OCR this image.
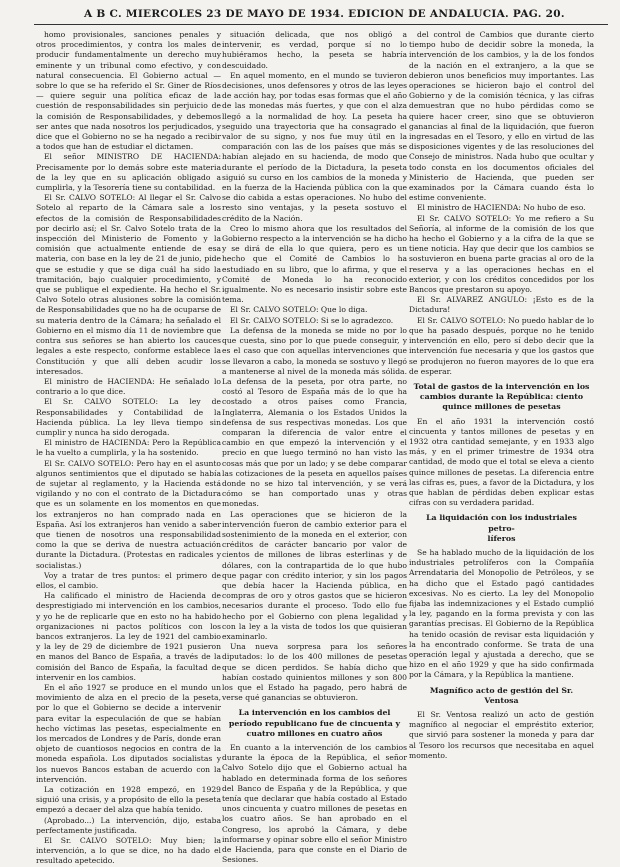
A B C. MIERCOLES 23 DE MAYO DE 1934. EDICION DE ANDALUCIA. PAG. 20.

homo provisionales, sanciones penales y otros procedimientos, y contra los males de producir fundamentalmente un derecho muy eminente y un tribunal como efectivo, y con natural consecuencia. El Gobierno actual —sobre lo que se ha referido el Sr. Giner de Ríos— quiere seguir una política eficaz de la cuestión de responsabilidades sin perjuicio de la comisión de Responsabilidades, y debemos ser antes que nada nosotros los perjudicados, y dice que el Gobierno no se ha negado a recibir a todos que han de estudiar el dictamen.

El señor MINISTRO DE HACIENDA: Precisamente por lo demás sobre este materia de la ley que en su aplicación obligado a cumplirla, y la Tesorería tiene su contabilidad.

El Sr. CALVO SOTELO: Al llegar el Sr. Calvo Sotelo al reparto de la Cámara sale a los efectos de la comisión de Responsabilidades por decirlo así; el Sr. Calvo Sotelo trata de la inspección del Ministerio de Fomento y la comisión que actualmente entiende de esa materia, con base en la ley de 21 de junio, pide que se estudie y que se diga cuál ha sido la tramitación, bajo cualquier procedimiento, y que se publique el expediente. Ha hecho el Sr. Calvo Sotelo otras alusiones sobre la comisión de Responsabilidades que no ha de ocuparse de su materia dentro de la Cámara; ha señalado el Gobierno en el mismo día 11 de noviembre que contra sus señores se han abierto los cauces legales a este respecto, conforme establece la Constitución y que allí deben acudir los interesados.

El ministro de HACIENDA: He señalado lo contrario a lo que dice.

El Sr. CALVO SOTELO: La ley de Responsabilidades y Contabilidad de la Hacienda pública. La ley lleva tiempo sin cumplir y nunca ha sido derogada.

El ministro de HACIENDA: Pero la República le ha vuelto a cumplirla, y la ha sostenido.

El Sr. CALVO SOTELO: Pero hay en el asunto algunos sentimientos que el diputado se había de sujetar al reglamento, y la Hacienda está vigilando y no con el contrato de la Dictadura que es un solamente en los momentos en que los extranjeros no han comprado nada en España. Así los extranjeros han venido a saber que tienen de nosotros una responsabilidad como la que se deriva de nuestra actuación durante la Dictadura. (Protestas en radicales y socialistas.)

Voy a tratar de tres puntos: el primero de ellos, el cambio.

Ha calificado el ministro de Hacienda de desprestigiado mi intervención en los cambios, y yo he de replicarle que en esto no ha habido organizaciones ni pactos políticos con los bancos extranjeros. La ley de 1921 del cambio y la ley de 29 de diciembre de 1921 pusieron en manos del Banco de España, a través de la comisión del Banco de España, la facultad de intervenir en los cambios.

En el año 1927 se produce en el mundo un movimiento de alza en el precio de la peseta, por lo que el Gobierno se decide a intervenir para evitar la especulación de que se habían hecho víctimas las pesetas, especialmente en los mercados de Londres y de París, donde eran objeto de cuantiosos negocios en contra de la moneda española. Los diputados socialistas y los nuevos Bancos estaban de acuerdo con la intervención.

La cotización en 1928 empezó, en 1929 siguió una crisis, y a propósito de ello la peseta empezó a decaer del alza que había tenido.

(Aprobado...) La intervención, dijo, estaba perfectamente justificada.

El Sr. CALVO SOTELO: Muy bien; la intervención, a lo que se dice, no ha dado el resultado apetecido.

situación delicada, que nos obligó a intervenir, es verdad, porque sí no lo hubiéramos hecho, la peseta se habría descuidado.

En aquel momento, en el mundo se tuvieron decisiones, unos defensores y otros de las leyes de acción hay, por todas esas formas que el año de las monedas más fuertes, y que con el alza llegó a la normalidad de hoy. La peseta ha seguido una trayectoria que ha consagrado el valor de su signo, y nos fue muy útil en la comparación con las de los países que más se habían alejado en su hacienda, de modo que durante el período de la Dictadura, la peseta siguió su curso en los cambios de la moneda y en la fuerza de la Hacienda pública con la que se dio cabida a estas operaciones. No hubo del resto sino ventajas, y la peseta sostuvo el crédito de la Nación.

Creo lo mismo ahora que los resultados del Gobierno respecto a la intervención se ha dicho y se dirá de ella lo que quiera, pero es un hecho que el Comité de Cambios lo ha estudiado en su libro, que lo afirma, y que el Comité de Moneda lo ha reconocido igualmente. No es necesario insistir sobre este tema.

El Sr. CALVO SOTELO: Que lo diga.

El Sr. CALVO SOTELO: Si se lo agradezco.

La defensa de la moneda se mide no por lo que cuesta, sino por lo que puede conseguir, y es el caso que con aquellas intervenciones que se llevaron a cabo, la moneda se sostuvo y llegó a mantenerse al nivel de la moneda más sólida. La defensa de la peseta, por otra parte, no costó al Tesoro de España más de lo que ha costado a otros países como Francia, Inglaterra, Alemania o los Estados Unidos la defensa de sus respectivas monedas. Los que comparan la diferencia de valor entre el cambio en que empezó la intervención y el precio en que luego terminó no han visto las cosas más que por un lado; y se debe comparar las cotizaciones de la peseta en aquellos países donde no se hizo tal intervención, y se verá cómo se han comportado unas y otras monedas.

Las operaciones que se hicieron de la intervención fueron de cambio exterior para el sostenimiento de la moneda en el exterior, con créditos de carácter bancario por valor de cientos de millones de libras esterlinas y de dólares, con la contrapartida de lo que hubo que pagar con crédito interior, y sin los pagos que debía hacer la Hacienda pública, en compras de oro y otros gastos que se hicieron necesarios durante el proceso. Todo ello fue hecho por el Gobierno con plena legalidad y con la ley a la vista de todos los que quisieran examinarlo.

Una nueva sorpresa para los señores diputados: lo de los 400 millones de pesetas que se dicen perdidos. Se había dicho que habían costado quinientos millones y son 800 los que el Estado ha pagado, pero habrá de verse qué ganancias se obtuvieron.

La intervención en los cambios del período republicano fue de cincuenta y
cuatro millones en cuatro años

En cuanto a la intervención de los cambios durante la época de la República, el señor Calvo Sotelo dijo que el Gobierno actual ha hablado en determinada forma de los señores del Banco de España y de la República, y que tenía que declarar que había costado al Estado unos cincuenta y cuatro millones de pesetas en los cuatro años. Se han aprobado en el Congreso, los aprobó la Cámara, y debe informarse y opinar sobre ello el señor Ministro de Hacienda, para que conste en el Diario de Sesiones.

del control de Cambios que durante cierto tiempo hubo de decidir sobre la moneda, la intervención de los cambios, y la de los fondos de la nación en el extranjero, a la que se debieron unos beneficios muy importantes. Las operaciones se hicieron bajo el control del Gobierno y de la comisión técnica, y las cifras demuestran que no hubo pérdidas como se quiere hacer creer, sino que se obtuvieron ganancias al final de la liquidación, que fueron ingresadas en el Tesoro, y ello en virtud de las disposiciones vigentes y de las resoluciones del Consejo de ministros. Nada hubo que ocultar y todo consta en los documentos oficiales del Ministerio de Hacienda, que pueden ser examinados por la Cámara cuando ésta lo estime conveniente.

El ministro de HACIENDA: No hubo de eso.

El Sr. CALVO SOTELO: Yo me refiero a Su Señoría, al informe de la comisión de los que ha hecho el Gobierno y a la cifra de la que se tiene noticia. Hay que decir que los cambios se sostuvieron en buena parte gracias al oro de la reserva y a las operaciones hechas en el exterior, y con los créditos concedidos por los Bancos que prestaron su apoyo.

El Sr. ALVAREZ ANGULO: ¡Esto es de la Dictadura!

El Sr. CALVO SOTELO: No puedo hablar de lo que ha pasado después, porque no he tenido intervención en ello, pero sí debo decir que la intervención fue necesaria y que los gastos que se produjeron no fueron mayores de lo que era de esperar.

Total de gastos de la intervención en los
cambios durante la República: ciento
quince millones de pesetas

En el año 1931 la intervención costó cincuenta y tantos millones de pesetas y en 1932 otra cantidad semejante, y en 1933 algo más, y en el primer trimestre de 1934 otra cantidad, de modo que el total se eleva a ciento quince millones de pesetas. La diferencia entre las cifras es, pues, a favor de la Dictadura, y los que hablan de pérdidas deben explicar estas cifras con su verdadera paridad.

La liquidación con los industriales petro-
líferos

Se ha hablado mucho de la liquidación de los industriales petrolíferos con la Compañía Arrendataria del Monopolio de Petróleos, y se ha dicho que el Estado pagó cantidades excesivas. No es cierto. La ley del Monopolio fijaba las indemnizaciones y el Estado cumplió la ley, pagando en la forma prevista y con las garantías precisas. El Gobierno de la República ha tenido ocasión de revisar esta liquidación y la ha encontrado conforme. Se trata de una operación legal y ajustada a derecho, que se hizo en el año 1929 y que ha sido confirmada por la Cámara, y la República la mantiene.

Magnífico acto de gestión del Sr. Ventosa

El Sr. Ventosa realizó un acto de gestión magnífico al negociar el empréstito exterior, que sirvió para sostener la moneda y para dar al Tesoro los recursos que necesitaba en aquel momento.
